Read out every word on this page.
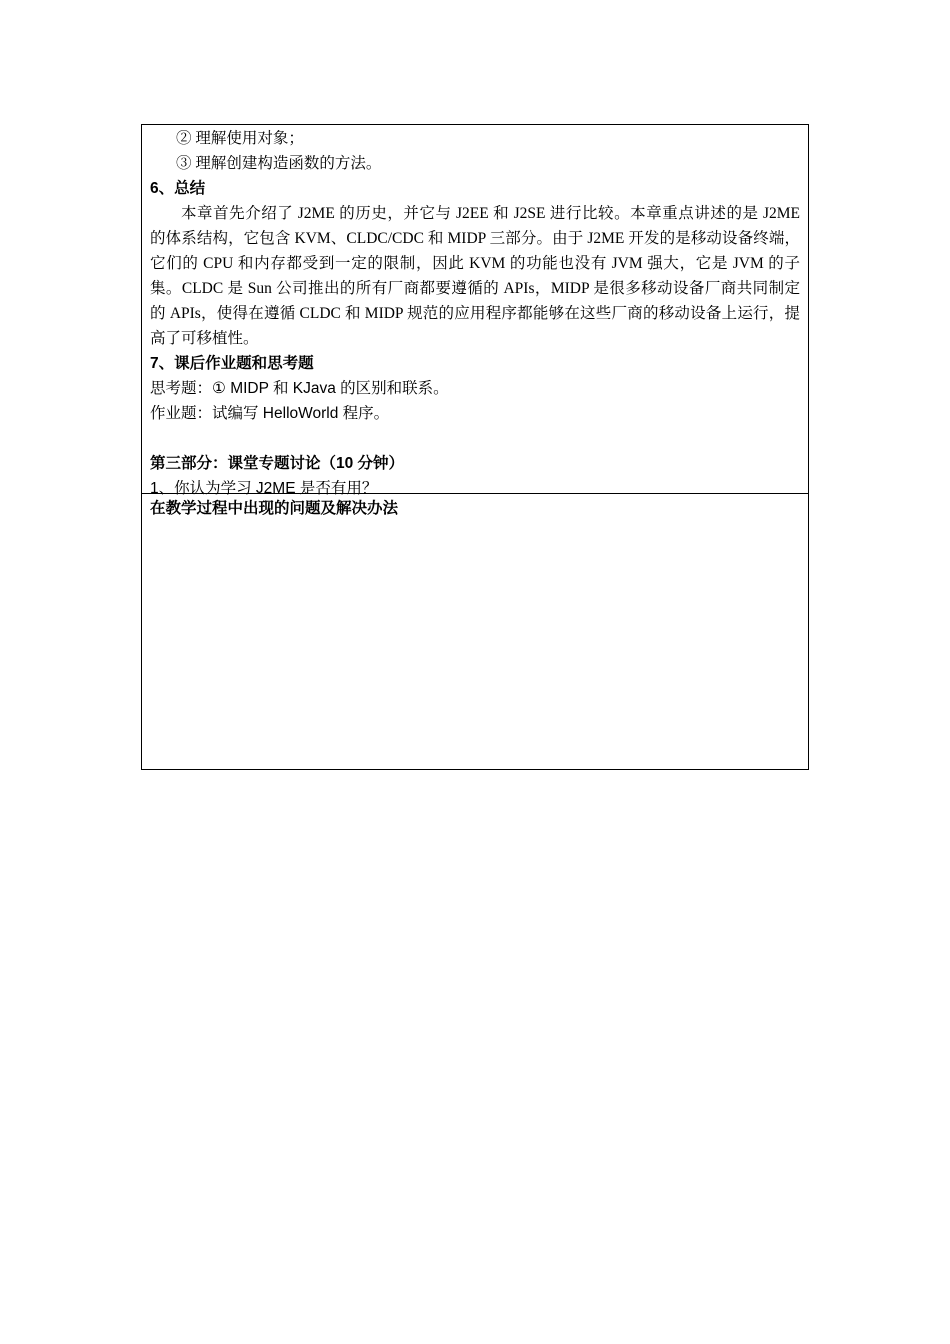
② 理解使用对象；
③ 理解创建构造函数的方法。
6、总结
本章首先介绍了 J2ME 的历史，并它与 J2EE 和 J2SE 进行比较。本章重点讲述的是 J2ME 的体系结构，它包含 KVM、CLDC/CDC 和 MIDP 三部分。由于 J2ME 开发的是移动设备终端，它们的 CPU 和内存都受到一定的限制，因此 KVM 的功能也没有 JVM 强大，它是 JVM 的子集。CLDC 是 Sun 公司推出的所有厂商都要遵循的 APIs，MIDP 是很多移动设备厂商共同制定的 APIs，使得在遵循 CLDC 和 MIDP 规范的应用程序都能够在这些厂商的移动设备上运行，提高了可移植性。
7、课后作业题和思考题
思考题：① MIDP 和 KJava 的区别和联系。
作业题：试编写 HelloWorld 程序。
第三部分：课堂专题讨论（10 分钟）
1、你认为学习 J2ME 是否有用？
在教学过程中出现的问题及解决办法
